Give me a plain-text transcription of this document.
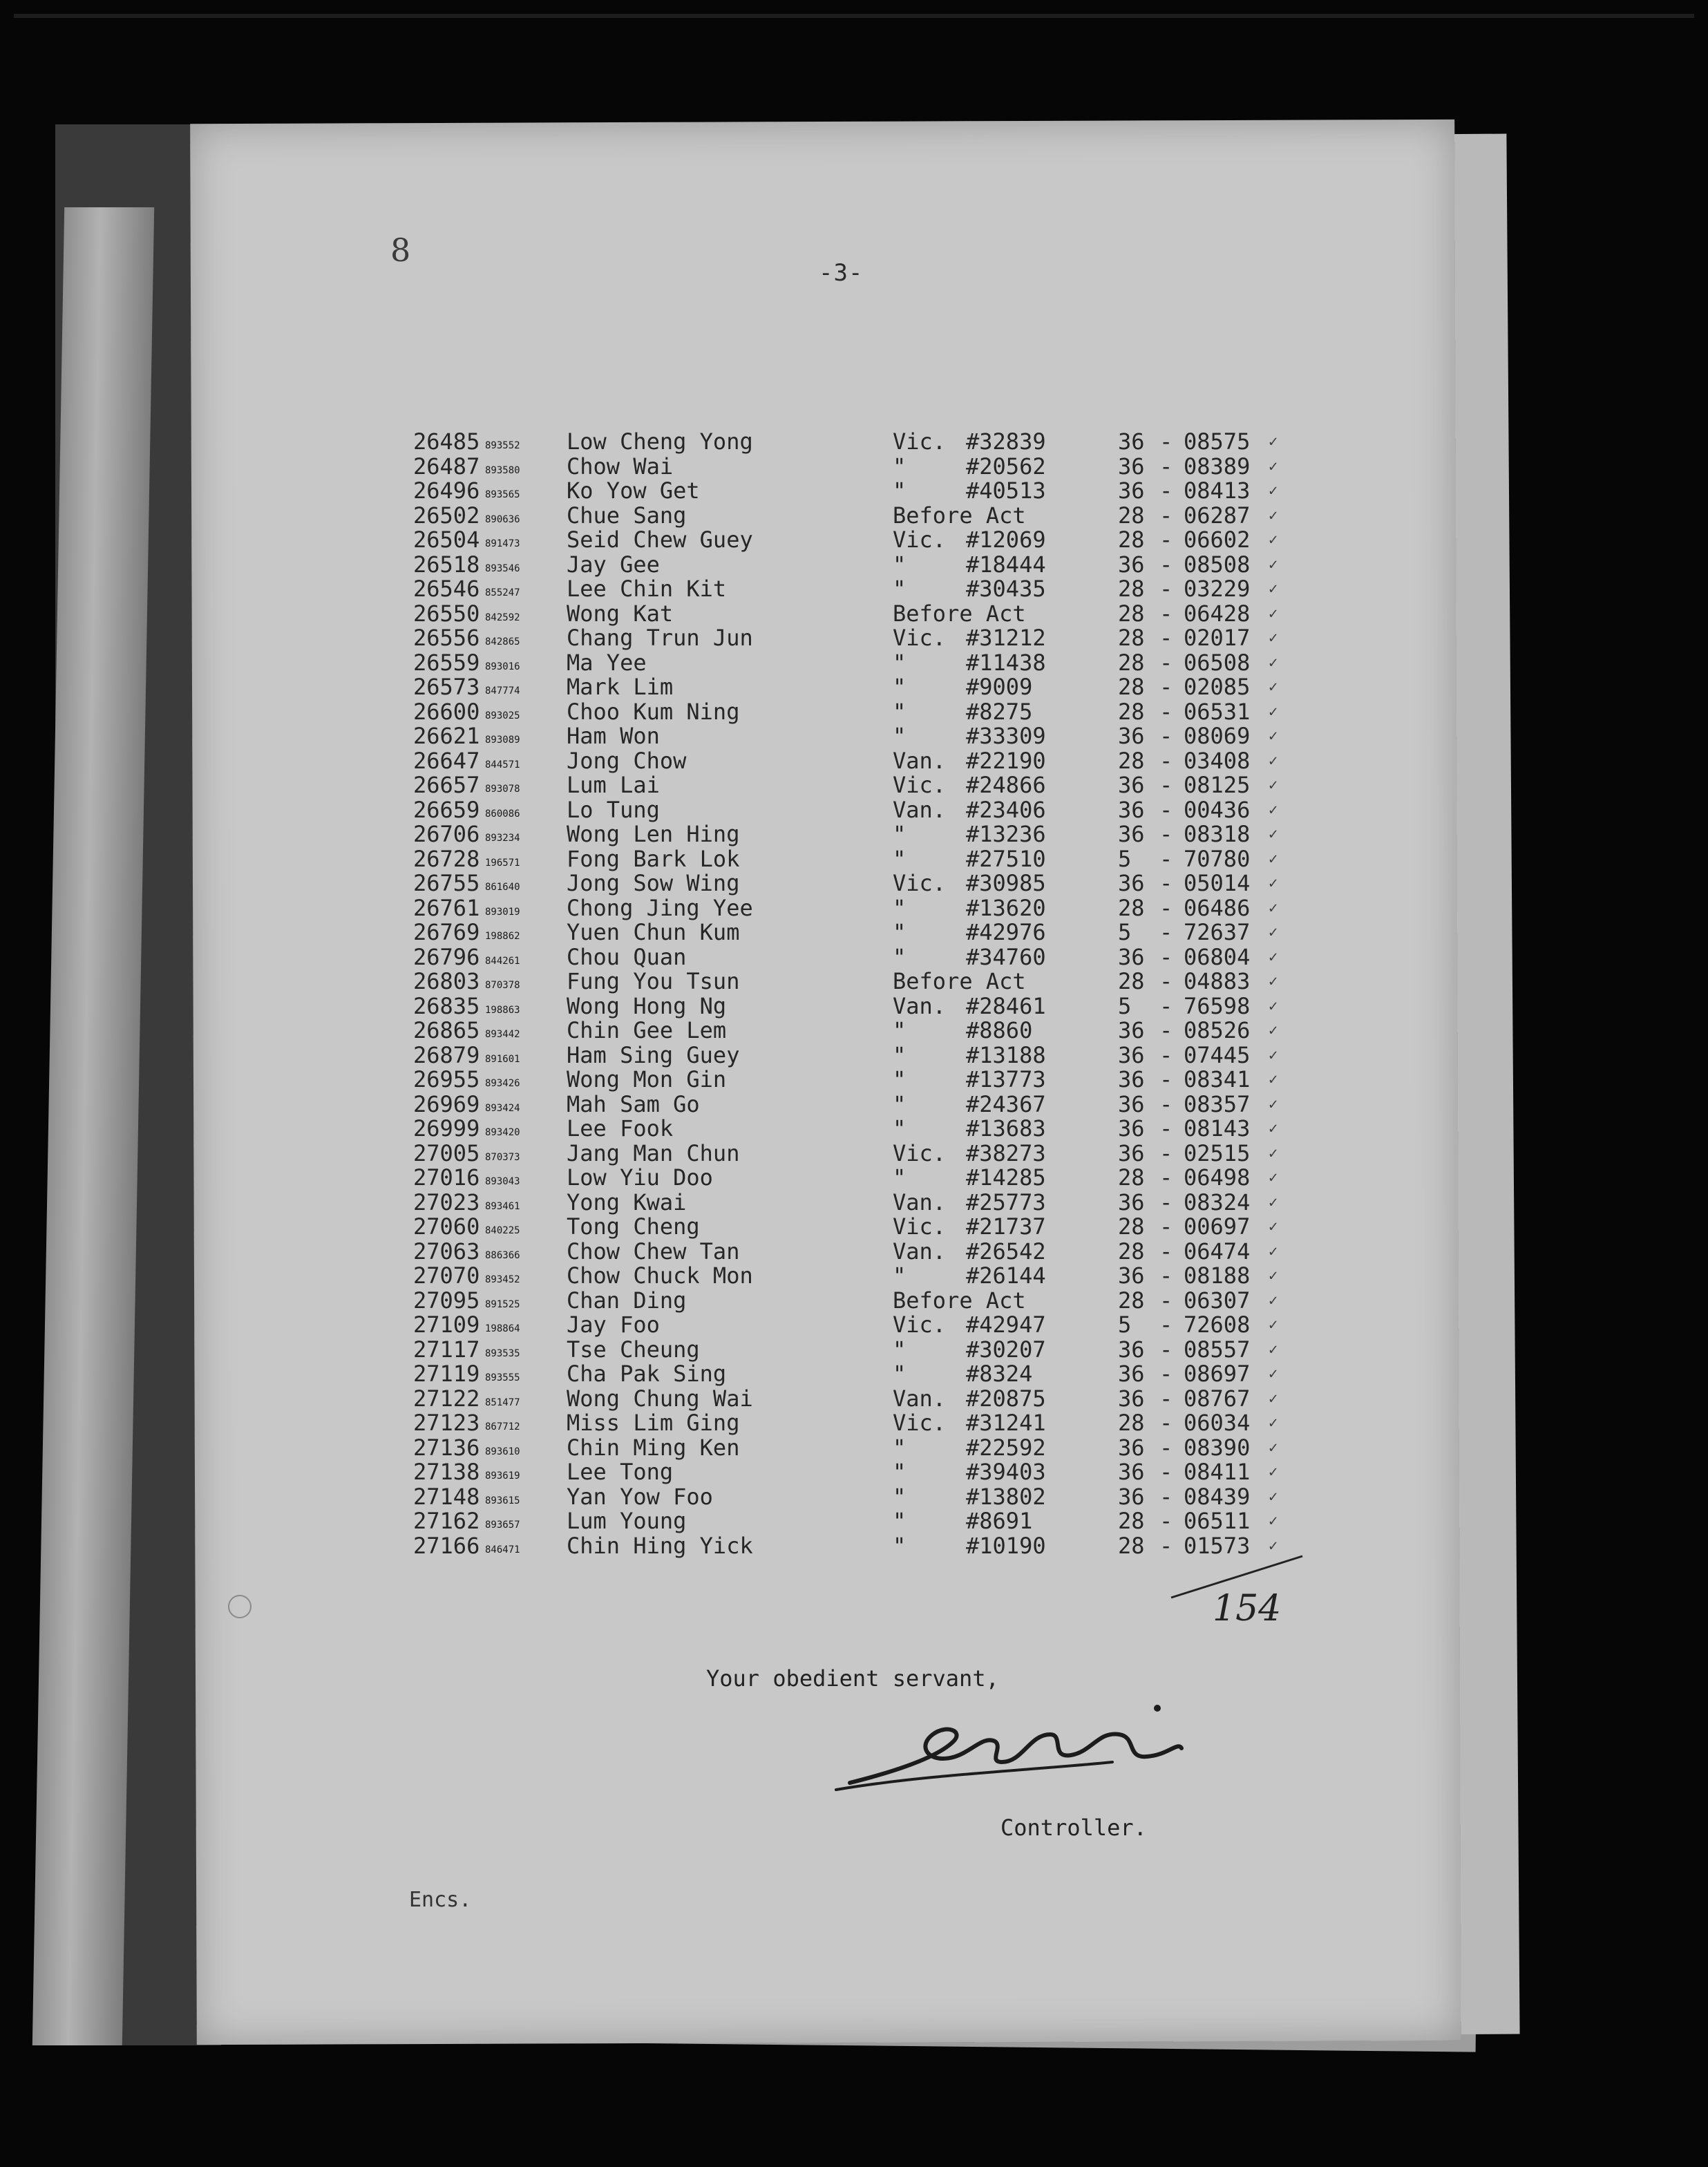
8
-3-
26485 893552 Low Cheng Yong	Vic. #32839	36 - 08575 ✓
26487 893580 Chow Wai	"	#20562	36 - 08389 ✓
26496 893565 Ko Yow Get	"	#40513	36 - 08413 ✓
26502 890636 Chue Sang	Before Act	28 - 06287 ✓
26504 891473 Seid Chew Guey	Vic. #12069	28 - 06602 ✓
26518 893546 Jay Gee	"	#18444	36 - 08508 ✓
26546 855247 Lee Chin Kit	"	#30435	28 - 03229 ✓
26550 842592 Wong Kat	Before Act	28 - 06428 ✓
26556 842865 Chang Trun Jun	Vic. #31212	28 - 02017 ✓
26559 893016 Ma Yee	"	#11438	28 - 06508 ✓
26573 847774 Mark Lim	"	#9009	28 - 02085 ✓
26600 893025 Choo Kum Ning	"	#8275	28 - 06531 ✓
26621 893089 Ham Won	"	#33309	36 - 08069 ✓
26647 844571 Jong Chow	Van. #22190	28 - 03408 ✓
26657 893078 Lum Lai	Vic. #24866	36 - 08125 ✓
26659 860086 Lo Tung	Van. #23406	36 - 00436 ✓
26706 893234 Wong Len Hing	"	#13236	36 - 08318 ✓
26728 196571 Fong Bark Lok	"	#27510	5 - 70780 ✓
26755 861640 Jong Sow Wing	Vic. #30985	36 - 05014 ✓
26761 893019 Chong Jing Yee	"	#13620	28 - 06486 ✓
26769 198862 Yuen Chun Kum	"	#42976	5 - 72637 ✓
26796 844261 Chou Quan	"	#34760	36 - 06804 ✓
26803 870378 Fung You Tsun	Before Act	28 - 04883 ✓
26835 198863 Wong Hong Ng	Van. #28461	5 - 76598 ✓
26865 893442 Chin Gee Lem	"	#8860	36 - 08526 ✓
26879 891601 Ham Sing Guey	"	#13188	36 - 07445 ✓
26955 893426 Wong Mon Gin	"	#13773	36 - 08341 ✓
26969 893424 Mah Sam Go	"	#24367	36 - 08357 ✓
26999 893420 Lee Fook	"	#13683	36 - 08143 ✓
27005 870373 Jang Man Chun	Vic. #38273	36 - 02515 ✓
27016 893043 Low Yiu Doo	"	#14285	28 - 06498 ✓
27023 893461 Yong Kwai	Van. #25773	36 - 08324 ✓
27060 840225 Tong Cheng	Vic. #21737	28 - 00697 ✓
27063 886366 Chow Chew Tan	Van. #26542	28 - 06474 ✓
27070 893452 Chow Chuck Mon	"	#26144	36 - 08188 ✓
27095 891525 Chan Ding	Before Act	28 - 06307 ✓
27109 198864 Jay Foo	Vic. #42947	5 - 72608 ✓
27117 893535 Tse Cheung	"	#30207	36 - 08557 ✓
27119 893555 Cha Pak Sing	"	#8324	36 - 08697 ✓
27122 851477 Wong Chung Wai	Van. #20875	36 - 08767 ✓
27123 867712 Miss Lim Ging	Vic. #31241	28 - 06034 ✓
27136 893610 Chin Ming Ken	"	#22592	36 - 08390 ✓
27138 893619 Lee Tong	"	#39403	36 - 08411 ✓
27148 893615 Yan Yow Foo	"	#13802	36 - 08439 ✓
27162 893657 Lum Young	"	#8691	28 - 06511 ✓
27166 846471 Chin Hing Yick	"	#10190	28 - 01573 ✓
154
Your obedient servant,
Controller.
Encs.
